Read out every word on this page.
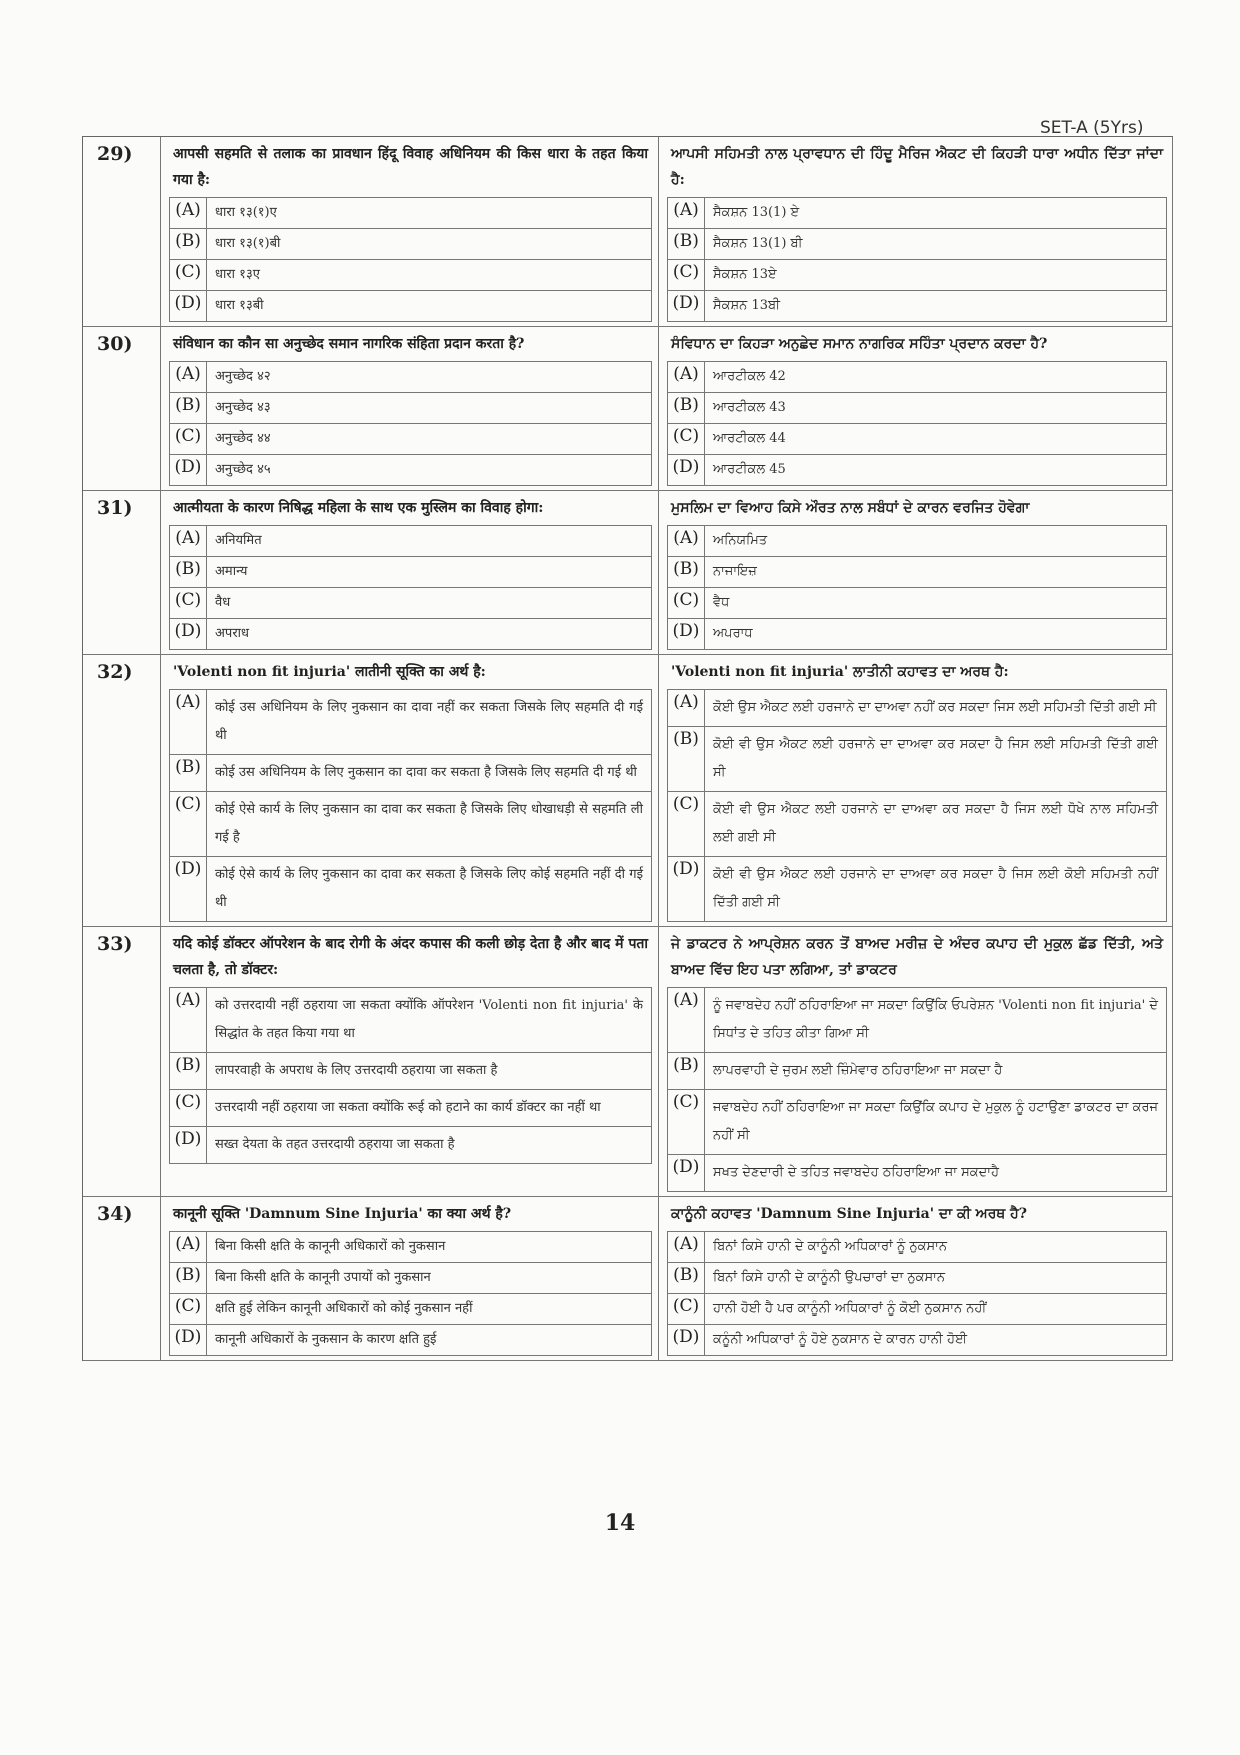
SET-A (5Yrs)
29)	आपसी सहमति से तलाक का प्रावधान हिंदू विवाह अधिनियम की किस धारा के तहत किया गया है:
(A)	धारा १३(१)ए
(B)	धारा १३(१)बी
(C)	धारा १३ए
(D)	धारा १३बी
ਆਪਸੀ ਸਹਿਮਤੀ ਨਾਲ ਪ੍ਰਾਵਧਾਨ ਦੀ ਹਿੰਦੂ ਮੈਰਿਜ ਐਕਟ ਦੀ ਕਿਹੜੀ ਧਾਰਾ ਅਧੀਨ ਦਿੱਤਾ ਜਾਂਦਾ ਹੈ:
(A)	ਸੈਕਸ਼ਨ 13(1) ਏ
(B)	ਸੈਕਸ਼ਨ 13(1) ਬੀ
(C)	ਸੈਕਸ਼ਨ 13ਏ
(D)	ਸੈਕਸ਼ਨ 13ਬੀ
30)	संविधान का कौन सा अनुच्छेद समान नागरिक संहिता प्रदान करता है?
(A)	अनुच्छेद ४२
(B)	अनुच्छेद ४३
(C)	अनुच्छेद ४४
(D)	अनुच्छेद ४५
ਸੰਵਿਧਾਨ ਦਾ ਕਿਹੜਾ ਅਨੁਛੇਦ ਸਮਾਨ ਨਾਗਰਿਕ ਸਹਿੰਤਾ ਪ੍ਰਦਾਨ ਕਰਦਾ ਹੈ?
(A)	ਆਰਟੀਕਲ 42
(B)	ਆਰਟੀਕਲ 43
(C)	ਆਰਟੀਕਲ 44
(D)	ਆਰਟੀਕਲ 45
31)	आत्मीयता के कारण निषिद्ध महिला के साथ एक मुस्लिम का विवाह होगा:
(A)	अनियमित
(B)	अमान्य
(C)	वैध
(D)	अपराध
ਮੁਸਲਿਮ ਦਾ ਵਿਆਹ ਕਿਸੇ ਔਰਤ ਨਾਲ ਸਬੰਧਾਂ ਦੇ ਕਾਰਨ ਵਰਜਿਤ ਹੋਵੇਗਾ
(A)	ਅਨਿਯਮਿਤ
(B)	ਨਾਜਾਇਜ਼
(C)	ਵੈਧ
(D)	ਅਪਰਾਧ
32)	'Volenti non fit injuria' लातीनी सूक्ति का अर्थ है:
(A)	कोई उस अधिनियम के लिए नुकसान का दावा नहीं कर सकता जिसके लिए सहमति दी गई थी
(B)	कोई उस अधिनियम के लिए नुकसान का दावा कर सकता है जिसके लिए सहमति दी गई थी
(C)	कोई ऐसे कार्य के लिए नुकसान का दावा कर सकता है जिसके लिए धोखाधड़ी से सहमति ली गई है
(D)	कोई ऐसे कार्य के लिए नुकसान का दावा कर सकता है जिसके लिए कोई सहमति नहीं दी गई थी
'Volenti non fit injuria' ਲਾਤੀਨੀ ਕਹਾਵਤ ਦਾ ਅਰਥ ਹੈ:
(A)	ਕੋਈ ਉਸ ਐਕਟ ਲਈ ਹਰਜਾਨੇ ਦਾ ਦਾਅਵਾ ਨਹੀਂ ਕਰ ਸਕਦਾ ਜਿਸ ਲਈ ਸਹਿਮਤੀ ਦਿੱਤੀ ਗਈ ਸੀ
(B)	ਕੋਈ ਵੀ ਉਸ ਐਕਟ ਲਈ ਹਰਜਾਨੇ ਦਾ ਦਾਅਵਾ ਕਰ ਸਕਦਾ ਹੈ ਜਿਸ ਲਈ ਸਹਿਮਤੀ ਦਿੱਤੀ ਗਈ ਸੀ
(C)	ਕੋਈ ਵੀ ਉਸ ਐਕਟ ਲਈ ਹਰਜਾਨੇ ਦਾ ਦਾਅਵਾ ਕਰ ਸਕਦਾ ਹੈ ਜਿਸ ਲਈ ਧੋਖੇ ਨਾਲ ਸਹਿਮਤੀ ਲਈ ਗਈ ਸੀ
(D)	ਕੋਈ ਵੀ ਉਸ ਐਕਟ ਲਈ ਹਰਜਾਨੇ ਦਾ ਦਾਅਵਾ ਕਰ ਸਕਦਾ ਹੈ ਜਿਸ ਲਈ ਕੋਈ ਸਹਿਮਤੀ ਨਹੀਂ ਦਿੱਤੀ ਗਈ ਸੀ
33)	यदि कोई डॉक्टर ऑपरेशन के बाद रोगी के अंदर कपास की कली छोड़ देता है और बाद में पता चलता है, तो डॉक्टर:
(A)	को उत्तरदायी नहीं ठहराया जा सकता क्योंकि ऑपरेशन 'Volenti non fit injuria' के सिद्धांत के तहत किया गया था
(B)	लापरवाही के अपराध के लिए उत्तरदायी ठहराया जा सकता है
(C)	उत्तरदायी नहीं ठहराया जा सकता क्योंकि रूई को हटाने का कार्य डॉक्टर का नहीं था
(D)	सख्त देयता के तहत उत्तरदायी ठहराया जा सकता है
ਜੇ ਡਾਕਟਰ ਨੇ ਆਪ੍ਰੇਸ਼ਨ ਕਰਨ ਤੋਂ ਬਾਅਦ ਮਰੀਜ਼ ਦੇ ਅੰਦਰ ਕਪਾਹ ਦੀ ਮੁਕੁਲ ਛੱਡ ਦਿੱਤੀ, ਅਤੇ ਬਾਅਦ ਵਿੱਚ ਇਹ ਪਤਾ ਲਗਿਆ, ਤਾਂ ਡਾਕਟਰ
(A)	ਨੂੰ ਜਵਾਬਦੇਹ ਨਹੀਂ ਠਹਿਰਾਇਆ ਜਾ ਸਕਦਾ ਕਿਉਂਕਿ ਓਪਰੇਸ਼ਨ 'Volenti non fit injuria' ਦੇ ਸਿਧਾਂਤ ਦੇ ਤਹਿਤ ਕੀਤਾ ਗਿਆ ਸੀ
(B)	ਲਾਪਰਵਾਹੀ ਦੇ ਜੁਰਮ ਲਈ ਜ਼ਿੰਮੇਵਾਰ ਠਹਿਰਾਇਆ ਜਾ ਸਕਦਾ ਹੈ
(C)	ਜਵਾਬਦੇਹ ਨਹੀਂ ਠਹਿਰਾਇਆ ਜਾ ਸਕਦਾ ਕਿਉਂਕਿ ਕਪਾਹ ਦੇ ਮੁਕੁਲ ਨੂੰ ਹਟਾਉਣਾ ਡਾਕਟਰ ਦਾ ਕਰਜ ਨਹੀਂ ਸੀ
(D)	ਸਖਤ ਦੇਣਦਾਰੀ ਦੇ ਤਹਿਤ ਜਵਾਬਦੇਹ ਠਹਿਰਾਇਆ ਜਾ ਸਕਦਾਹੈ
34)	कानूनी सूक्ति 'Damnum Sine Injuria' का क्या अर्थ है?
(A)	बिना किसी क्षति के कानूनी अधिकारों को नुकसान
(B)	बिना किसी क्षति के कानूनी उपायों को नुकसान
(C)	क्षति हुई लेकिन कानूनी अधिकारों को कोई नुकसान नहीं
(D)	कानूनी अधिकारों के नुकसान के कारण क्षति हुई
ਕਾਨੂੰਨੀ ਕਹਾਵਤ 'Damnum Sine Injuria' ਦਾ ਕੀ ਅਰਥ ਹੈ?
(A)	ਬਿਨਾਂ ਕਿਸੇ ਹਾਨੀ ਦੇ ਕਾਨੂੰਨੀ ਅਧਿਕਾਰਾਂ ਨੂੰ ਨੁਕਸਾਨ
(B)	ਬਿਨਾਂ ਕਿਸੇ ਹਾਨੀ ਦੇ ਕਾਨੂੰਨੀ ਉਪਚਾਰਾਂ ਦਾ ਨੁਕਸਾਨ
(C)	ਹਾਨੀ ਹੋਈ ਹੈ ਪਰ ਕਾਨੂੰਨੀ ਅਧਿਕਾਰਾਂ ਨੂੰ ਕੋਈ ਨੁਕਸਾਨ ਨਹੀਂ
(D)	ਕਨੂੰਨੀ ਅਧਿਕਾਰਾਂ ਨੂੰ ਹੋਏ ਨੁਕਸਾਨ ਦੇ ਕਾਰਨ ਹਾਨੀ ਹੋਈ
14
